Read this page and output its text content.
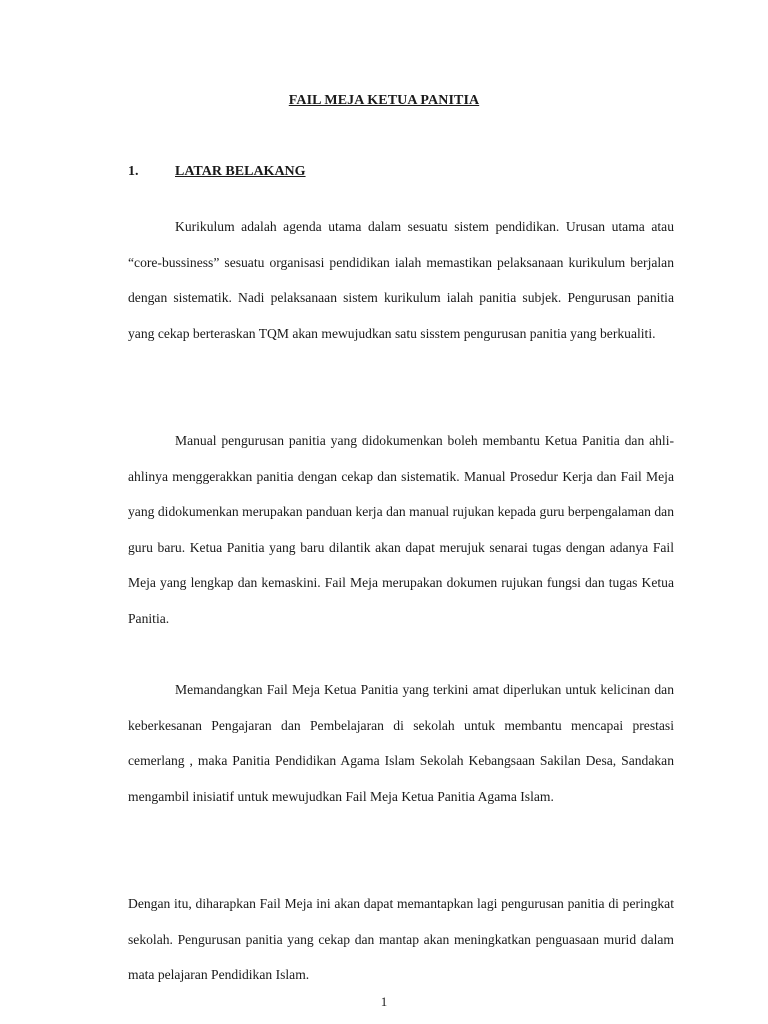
FAIL MEJA KETUA PANITIA
1.	LATAR BELAKANG

Kurikulum adalah agenda utama dalam sesuatu sistem pendidikan. Urusan utama atau “core-bussiness” sesuatu organisasi pendidikan ialah memastikan pelaksanaan kurikulum berjalan dengan sistematik. Nadi pelaksanaan sistem kurikulum ialah panitia subjek. Pengurusan panitia yang cekap berteraskan TQM akan mewujudkan satu sisstem pengurusan panitia yang berkualiti.

Manual pengurusan panitia yang didokumenkan boleh membantu Ketua Panitia dan ahli-ahlinya menggerakkan panitia dengan cekap dan sistematik. Manual Prosedur Kerja dan Fail Meja yang didokumenkan merupakan panduan kerja dan manual rujukan kepada guru berpengalaman dan guru baru. Ketua Panitia yang baru dilantik akan dapat merujuk senarai tugas dengan adanya Fail Meja yang lengkap dan kemaskini. Fail Meja merupakan dokumen rujukan fungsi dan tugas Ketua Panitia.

Memandangkan Fail Meja Ketua Panitia yang terkini amat diperlukan untuk kelicinan dan keberkesanan Pengajaran dan Pembelajaran di sekolah untuk membantu mencapai prestasi cemerlang , maka Panitia Pendidikan Agama Islam Sekolah Kebangsaan Sakilan Desa, Sandakan mengambil inisiatif untuk mewujudkan Fail Meja Ketua Panitia Agama Islam.

Dengan itu, diharapkan Fail Meja ini akan dapat memantapkan lagi pengurusan panitia di peringkat sekolah. Pengurusan panitia yang cekap dan mantap akan meningkatkan penguasaan murid dalam mata pelajaran Pendidikan Islam.

1
